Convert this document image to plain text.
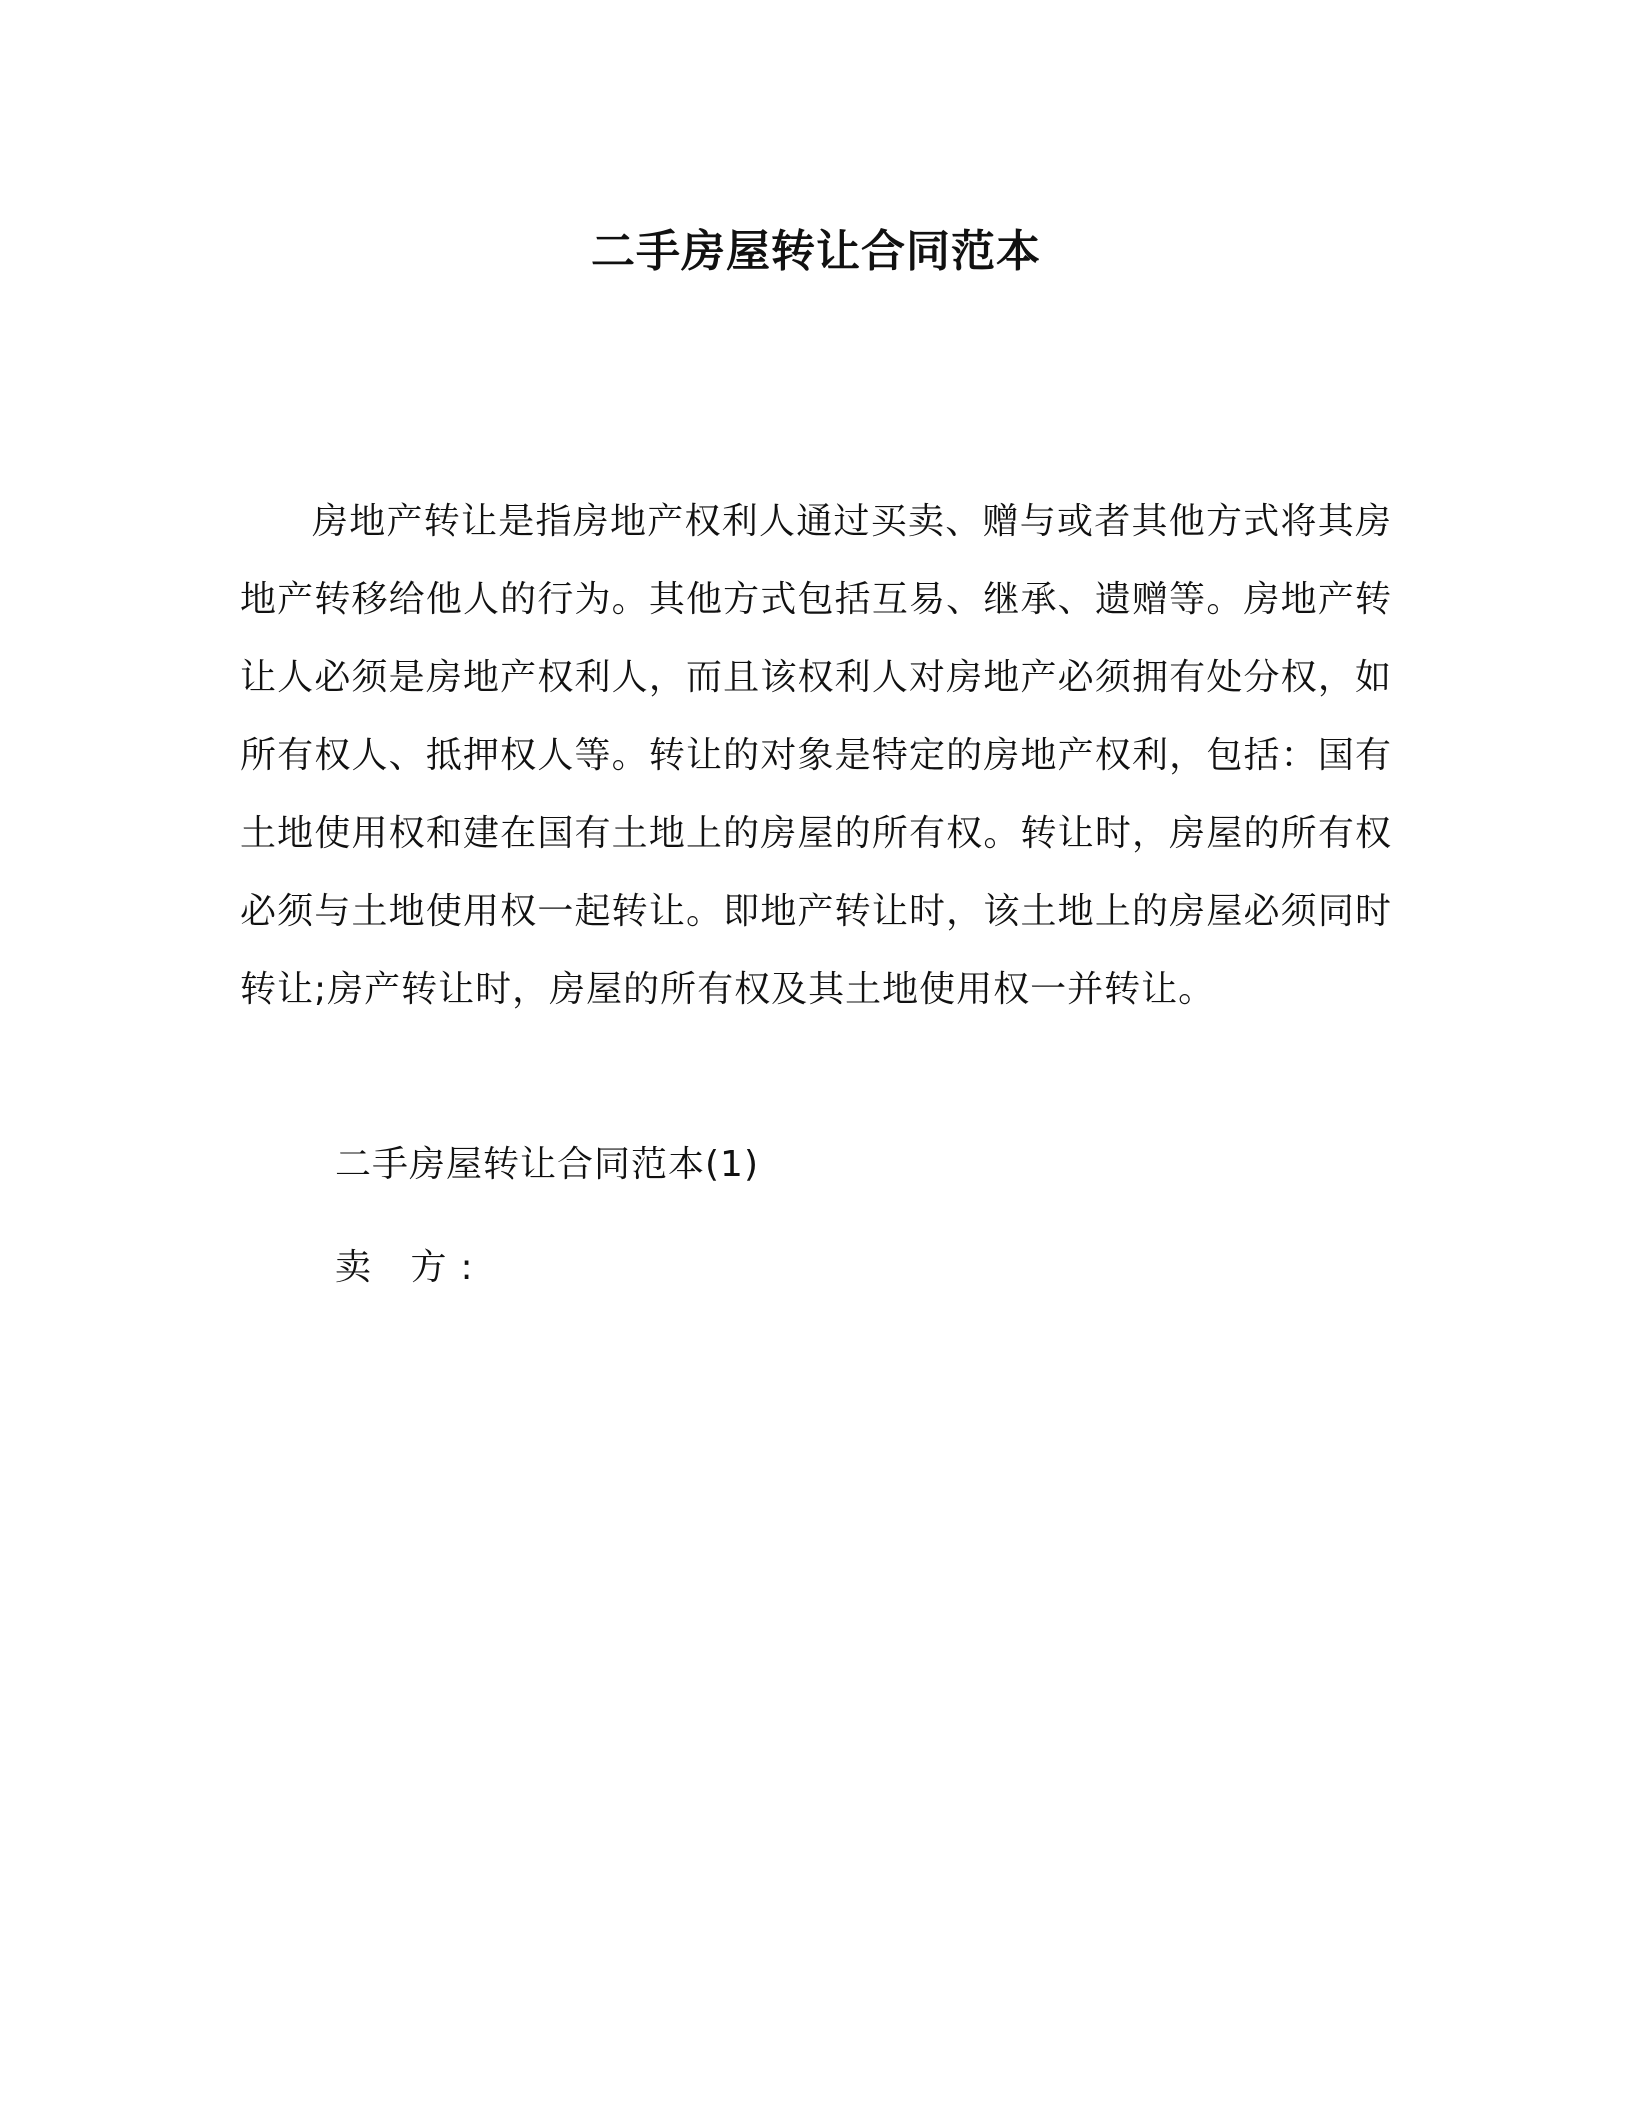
二手房屋转让合同范本

房地产转让是指房地产权利人通过买卖、赠与或者其他方式将其房地产转移给他人的行为。其他方式包括互易、继承、遗赠等。房地产转让人必须是房地产权利人，而且该权利人对房地产必须拥有处分权，如所有权人、抵押权人等。转让的对象是特定的房地产权利，包括：国有土地使用权和建在国有土地上的房屋的所有权。转让时，房屋的所有权必须与土地使用权一起转让。即地产转让时，该土地上的房屋必须同时转让;房产转让时，房屋的所有权及其土地使用权一并转让。

二手房屋转让合同范本(1)

卖 方:
